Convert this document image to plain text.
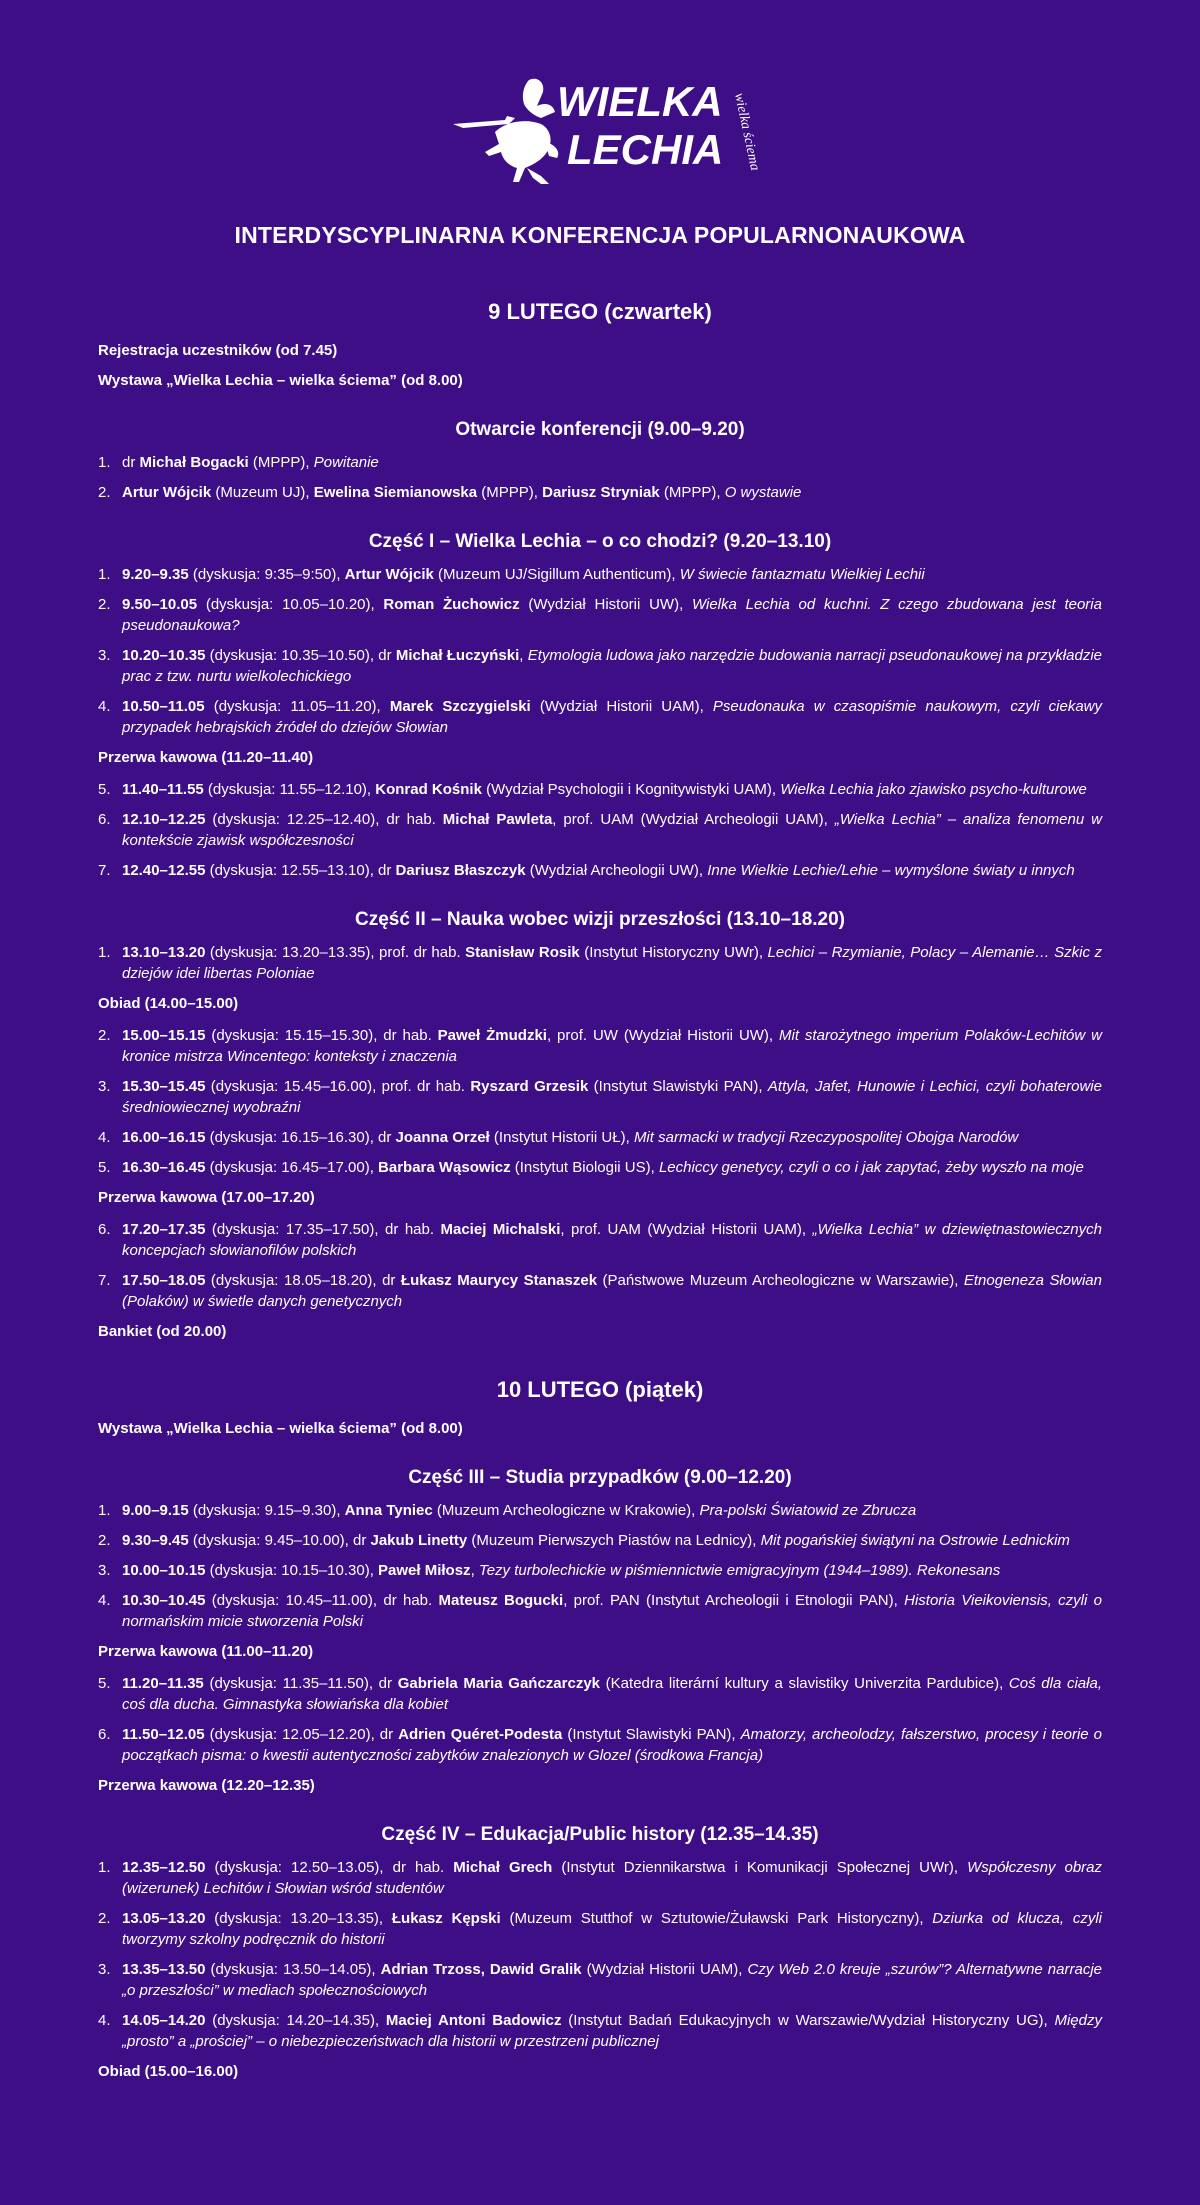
WIELKA
LECHIA wielka ściema
INTERDYSCYPLINARNA KONFERENCJA POPULARNONAUKOWA
9 LUTEGO (czwartek)
Rejestracja uczestników (od 7.45)
Wystawa „Wielka Lechia – wielka ściema” (od 8.00)
Otwarcie konferencji (9.00–9.20)
1. dr Michał Bogacki (MPPP), Powitanie
2. Artur Wójcik (Muzeum UJ), Ewelina Siemianowska (MPPP), Dariusz Stryniak (MPPP), O wystawie
Część I – Wielka Lechia – o co chodzi? (9.20–13.10)
1. 9.20–9.35 (dyskusja: 9:35–9:50), Artur Wójcik (Muzeum UJ/Sigillum Authenticum), W świecie fantazmatu Wielkiej Lechii
2. 9.50–10.05 (dyskusja: 10.05–10.20), Roman Żuchowicz (Wydział Historii UW), Wielka Lechia od kuchni. Z czego zbudowana jest teoria pseudonaukowa?
3. 10.20–10.35 (dyskusja: 10.35–10.50), dr Michał Łuczyński, Etymologia ludowa jako narzędzie budowania narracji pseudonaukowej na przykładzie prac z tzw. nurtu wielkolechickiego
4. 10.50–11.05 (dyskusja: 11.05–11.20), Marek Szczygielski (Wydział Historii UAM), Pseudonauka w czasopiśmie naukowym, czyli ciekawy przypadek hebrajskich źródeł do dziejów Słowian
Przerwa kawowa (11.20–11.40)
5. 11.40–11.55 (dyskusja: 11.55–12.10), Konrad Kośnik (Wydział Psychologii i Kognitywistyki UAM), Wielka Lechia jako zjawisko psycho-kulturowe
6. 12.10–12.25 (dyskusja: 12.25–12.40), dr hab. Michał Pawleta, prof. UAM (Wydział Archeologii UAM), „Wielka Lechia” – analiza fenomenu w kontekście zjawisk współczesności
7. 12.40–12.55 (dyskusja: 12.55–13.10), dr Dariusz Błaszczyk (Wydział Archeologii UW), Inne Wielkie Lechie/Lehie – wymyślone światy u innych
Część II – Nauka wobec wizji przeszłości (13.10–18.20)
1. 13.10–13.20 (dyskusja: 13.20–13.35), prof. dr hab. Stanisław Rosik (Instytut Historyczny UWr), Lechici – Rzymianie, Polacy – Alemanie… Szkic z dziejów idei libertas Poloniae
Obiad (14.00–15.00)
2. 15.00–15.15 (dyskusja: 15.15–15.30), dr hab. Paweł Żmudzki, prof. UW (Wydział Historii UW), Mit starożytnego imperium Polaków-Lechitów w kronice mistrza Wincentego: konteksty i znaczenia
3. 15.30–15.45 (dyskusja: 15.45–16.00), prof. dr hab. Ryszard Grzesik (Instytut Slawistyki PAN), Attyla, Jafet, Hunowie i Lechici, czyli bohaterowie średniowiecznej wyobraźni
4. 16.00–16.15 (dyskusja: 16.15–16.30), dr Joanna Orzeł (Instytut Historii UŁ), Mit sarmacki w tradycji Rzeczypospolitej Obojga Narodów
5. 16.30–16.45 (dyskusja: 16.45–17.00), Barbara Wąsowicz (Instytut Biologii US), Lechiccy genetycy, czyli o co i jak zapytać, żeby wyszło na moje
Przerwa kawowa (17.00–17.20)
6. 17.20–17.35 (dyskusja: 17.35–17.50), dr hab. Maciej Michalski, prof. UAM (Wydział Historii UAM), „Wielka Lechia” w dziewiętnastowiecznych koncepcjach słowianofilów polskich
7. 17.50–18.05 (dyskusja: 18.05–18.20), dr Łukasz Maurycy Stanaszek (Państwowe Muzeum Archeologiczne w Warszawie), Etnogeneza Słowian (Polaków) w świetle danych genetycznych
Bankiet (od 20.00)
10 LUTEGO (piątek)
Wystawa „Wielka Lechia – wielka ściema” (od 8.00)
Część III – Studia przypadków (9.00–12.20)
1. 9.00–9.15 (dyskusja: 9.15–9.30), Anna Tyniec (Muzeum Archeologiczne w Krakowie), Pra-polski Światowid ze Zbrucza
2. 9.30–9.45 (dyskusja: 9.45–10.00), dr Jakub Linetty (Muzeum Pierwszych Piastów na Lednicy), Mit pogańskiej świątyni na Ostrowie Lednickim
3. 10.00–10.15 (dyskusja: 10.15–10.30), Paweł Miłosz, Tezy turbolechickie w piśmiennictwie emigracyjnym (1944–1989). Rekonesans
4. 10.30–10.45 (dyskusja: 10.45–11.00), dr hab. Mateusz Bogucki, prof. PAN (Instytut Archeologii i Etnologii PAN), Historia Vieikoviensis, czyli o normańskim micie stworzenia Polski
Przerwa kawowa (11.00–11.20)
5. 11.20–11.35 (dyskusja: 11.35–11.50), dr Gabriela Maria Gańczarczyk (Katedra literární kultury a slavistiky Univerzita Pardubice), Coś dla ciała, coś dla ducha. Gimnastyka słowiańska dla kobiet
6. 11.50–12.05 (dyskusja: 12.05–12.20), dr Adrien Quéret-Podesta (Instytut Slawistyki PAN), Amatorzy, archeolodzy, fałszerstwo, procesy i teorie o początkach pisma: o kwestii autentyczności zabytków znalezionych w Glozel (środkowa Francja)
Przerwa kawowa (12.20–12.35)
Część IV – Edukacja/Public history (12.35–14.35)
1. 12.35–12.50 (dyskusja: 12.50–13.05), dr hab. Michał Grech (Instytut Dziennikarstwa i Komunikacji Społecznej UWr), Współczesny obraz (wizerunek) Lechitów i Słowian wśród studentów
2. 13.05–13.20 (dyskusja: 13.20–13.35), Łukasz Kępski (Muzeum Stutthof w Sztutowie/Żuławski Park Historyczny), Dziurka od klucza, czyli tworzymy szkolny podręcznik do historii
3. 13.35–13.50 (dyskusja: 13.50–14.05), Adrian Trzoss, Dawid Gralik (Wydział Historii UAM), Czy Web 2.0 kreuje „szurów”? Alternatywne narracje „o przeszłości” w mediach społecznościowych
4. 14.05–14.20 (dyskusja: 14.20–14.35), Maciej Antoni Badowicz (Instytut Badań Edukacyjnych w Warszawie/Wydział Historyczny UG), Między „prosto” a „prościej” – o niebezpieczeństwach dla historii w przestrzeni publicznej
Obiad (15.00–16.00)
